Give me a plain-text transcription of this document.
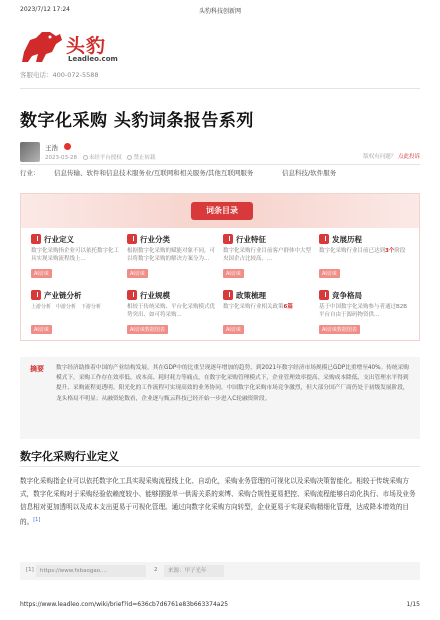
2023/7/12 17:24	头豹科技创新网
头豹
Leadleo.com
客服电话：400-072-5588
数字化采购 头豹词条报告系列
王浩
2023-03-28 未经平台授权 禁止转载	版权有问题？ 点此投诉
行业： 信息传输、软件和信息技术服务业/互联网和相关服务/其他互联网服务	信息科技/软件服务
词条目录
行业定义
数字化采购指企业可以依托数字化工具实现采购流程线上...
AI访谈
行业分类
根据数字化采购的赋能对象不同，可以将数字化采购的解决方案分为...
AI访谈
行业特征
数字化采购行业目前客户群体中大型央国企占比较高、...
AI访谈
发展历程
数字化采购行业目前已达到3个阶段
AI访谈
产业链分析
上游分析 中游分析 下游分析
AI访谈
行业规模
相较于传统采购、平台化采购模式优势突出、如可将采购...
AI访谈数据图表
政策梳理
数字化采购行业相关政策6篇
AI访谈
竞争格局
基于中国数字化采购参与者通过B2B平台自由于源码物资供...
AI访谈数据图表
摘要 数字经济助推着中国的产业结构发展。其在GDP中的比重呈现逐年增加的趋势，到2021年数字经济市场规模已GDP比重增至40%。传统采购模式下，采购工作存在效率低、成本高、耗时耗力等痛点，在数字化采购管理模式下，企业管理效率提高、采购成本降低、支出管理水平得到提升、采购流程更透明。阳光化的工作流程可实现高效的业务协同。中国数字化采购市场竞争激烈，但大部分国产厂商仍处于初级发展阶段，龙头格局不明显；从融资轮数看，企业逐与甄云科技已经开始一步进入C轮融资阶段。
数字化采购行业定义
数字化采购指企业可以依托数字化工具实现采购流程线上化、自动化，采购业务管理的可视化以及采购决策智能化。相较于传统采购方式，数字化采购对于采购经验依赖度较小、能够摆脱单一供需关系的束缚、采购合规性更易把控、采购流程能够自动化执行、市场及业务信息相对更加透明以及成本支出更易于可视化管理。通过向数字化采购方向转型，企业更易于实现采购精细化管理，达成降本增效的目的。[1]
[1]	https://www.fxbaogao....	2	来源：甲子光年
https://www.leadleo.com/wiki/brief?id=636cb7d6761e83b663374a25	1/15
